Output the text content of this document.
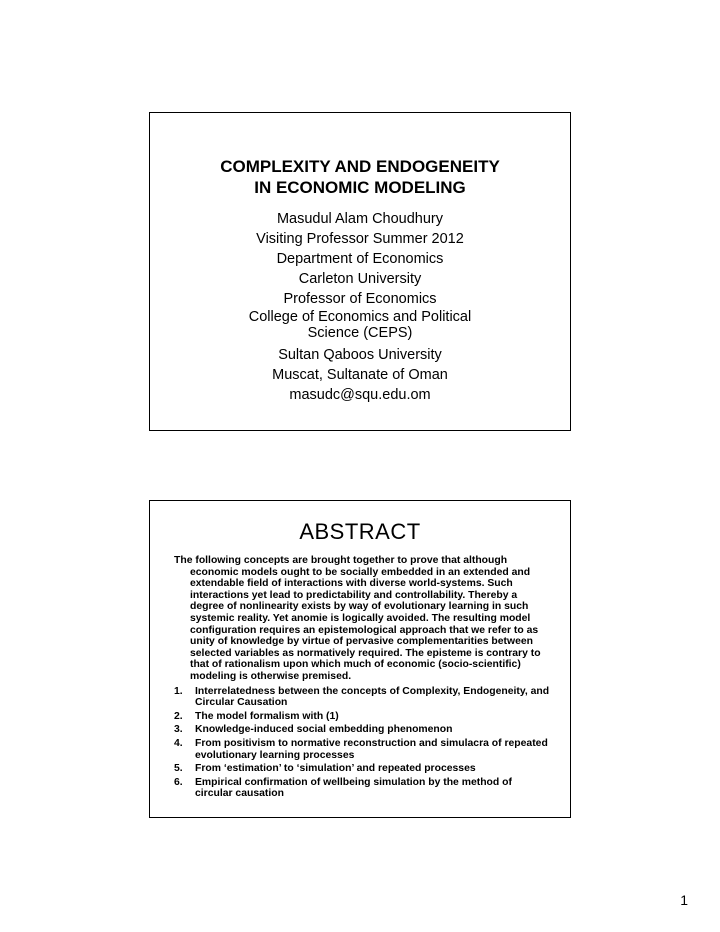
COMPLEXITY AND ENDOGENEITY
IN ECONOMIC MODELING
Masudul Alam Choudhury
Visiting Professor Summer 2012
Department of Economics
Carleton University
Professor of Economics
College of Economics and Political
Science (CEPS)
Sultan Qaboos University
Muscat, Sultanate of Oman
masudc@squ.edu.om
ABSTRACT
The following concepts are brought together to prove that although economic models ought to be socially embedded in an extended and extendable field of interactions with diverse world-systems. Such interactions yet lead to predictability and controllability. Thereby a degree of nonlinearity exists by way of evolutionary learning in such systemic reality. Yet anomie is logically avoided. The resulting model configuration requires an epistemological approach that we refer to as unity of knowledge by virtue of pervasive complementarities between selected variables as normatively required. The episteme is contrary to that of rationalism upon which much of economic (socio-scientific) modeling is otherwise premised.
1. Interrelatedness between the concepts of Complexity, Endogeneity, and Circular Causation
2. The model formalism with (1)
3. Knowledge-induced social embedding phenomenon
4. From positivism to normative reconstruction and simulacra of repeated evolutionary learning processes
5. From ‘estimation’ to ‘simulation’ and repeated processes
6. Empirical confirmation of wellbeing simulation by the method of circular causation
1
